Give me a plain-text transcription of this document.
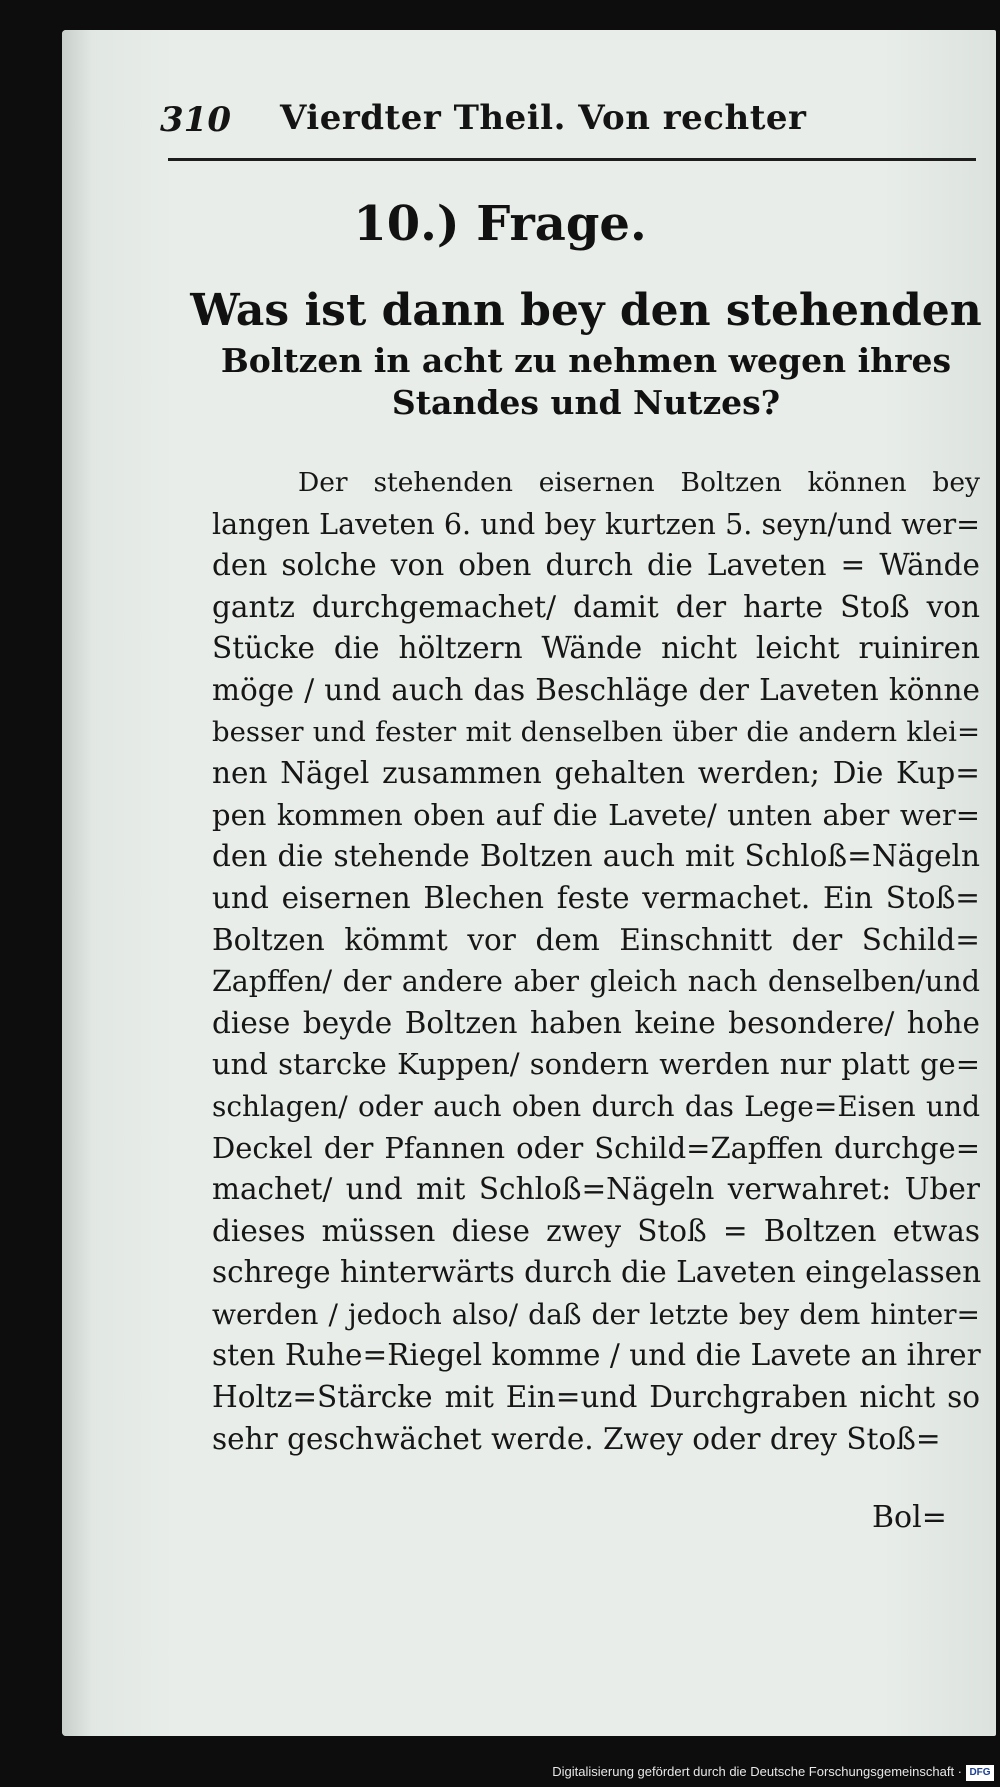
310 Vierdter Theil. Von rechter
10.) Frage.
Was ist dann bey den stehenden
Boltzen in acht zu nehmen wegen ihres
Standes und Nutzes?
Der stehenden eisernen Boltzen können bey
langen Laveten 6. und bey kurtzen 5. seyn/und wer=
den solche von oben durch die Laveten = Wände
gantz durchgemachet/ damit der harte Stoß von
Stücke die höltzern Wände nicht leicht ruiniren
möge / und auch das Beschläge der Laveten könne
besser und fester mit denselben über die andern klei=
nen Nägel zusammen gehalten werden; Die Kup=
pen kommen oben auf die Lavete/ unten aber wer=
den die stehende Boltzen auch mit Schloß=Nägeln
und eisernen Blechen feste vermachet. Ein Stoß=
Boltzen kömmt vor dem Einschnitt der Schild=
Zapffen/ der andere aber gleich nach denselben/und
diese beyde Boltzen haben keine besondere/ hohe
und starcke Kuppen/ sondern werden nur platt ge=
schlagen/ oder auch oben durch das Lege=Eisen und
Deckel der Pfannen oder Schild=Zapffen durchge=
machet/ und mit Schloß=Nägeln verwahret: Uber
dieses müssen diese zwey Stoß = Boltzen etwas
schrege hinterwärts durch die Laveten eingelassen
werden / jedoch also/ daß der letzte bey dem hinter=
sten Ruhe=Riegel komme / und die Lavete an ihrer
Holtz=Stärcke mit Ein=und Durchgraben nicht so
sehr geschwächet werde. Zwey oder drey Stoß=
Bol=
Digitalisierung gefördert durch die Deutsche Forschungsgemeinschaft · DFG
